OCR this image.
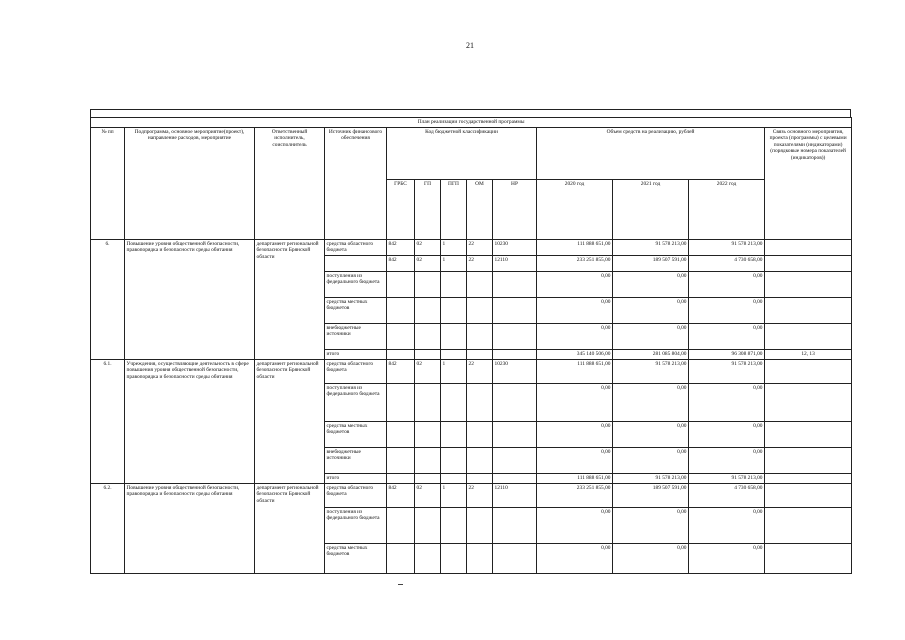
21
План реализации государственной программы												
№ пп	Подпрограмма, основное мероприятие(проект), направление расходов, мероприятие	Ответственный исполнитель, соисполнитель	Источник финансового обеспечения	Код бюджетной классификации					Объем средств на реализацию, рублей			Связь основного мероприятия, проекта (программы) с целевыми показателями (индикаторами) (порядковые номера показателей (индикаторов))
				ГРБС	ГП	ПГП	ОМ	НР	2020 год	2021 год	2022 год	
6.	Повышение уровня общественной безопасности, правопорядка и безопасности среды обитания	департамент региональной безопасности Брянской области	средства областного бюджета	842	02	1	22	10230	111 888 651,00	91 578 213,00	91 578 213,00	
				842	02	1	22	12110	233 251 855,00	189 507 591,00	4 730 658,00	
			поступления из федерального бюджета						0,00	0,00	0,00	
			средства местных бюджетов						0,00	0,00	0,00	
			внебюджетные источники						0,00	0,00	0,00	
			итого						345 140 506,00	281 085 804,00	96 308 871,00	12, 13
6.1.	Учреждения, осуществляющие деятельность в сфере повышения уровня общественной безопасности, правопорядка и безопасности среды обитания	департамент региональной безопасности Брянской области	средства областного бюджета	842	02	1	22	10230	111 888 651,00	91 578 213,00	91 578 213,00	
			поступления из федерального бюджета						0,00	0,00	0,00	
			средства местных бюджетов						0,00	0,00	0,00	
			внебюджетные источники						0,00	0,00	0,00	
			итого						111 888 651,00	91 578 213,00	91 578 213,00	
6.2.	Повышение уровня общественной безопасности, правопорядка и безопасности среды обитания	департамент региональной безопасности Брянской области	средства областного бюджета	842	02	1	22	12110	233 251 855,00	189 507 591,00	4 730 658,00	
			поступления из федерального бюджета						0,00	0,00	0,00	
			средства местных бюджетов						0,00	0,00	0,00	
